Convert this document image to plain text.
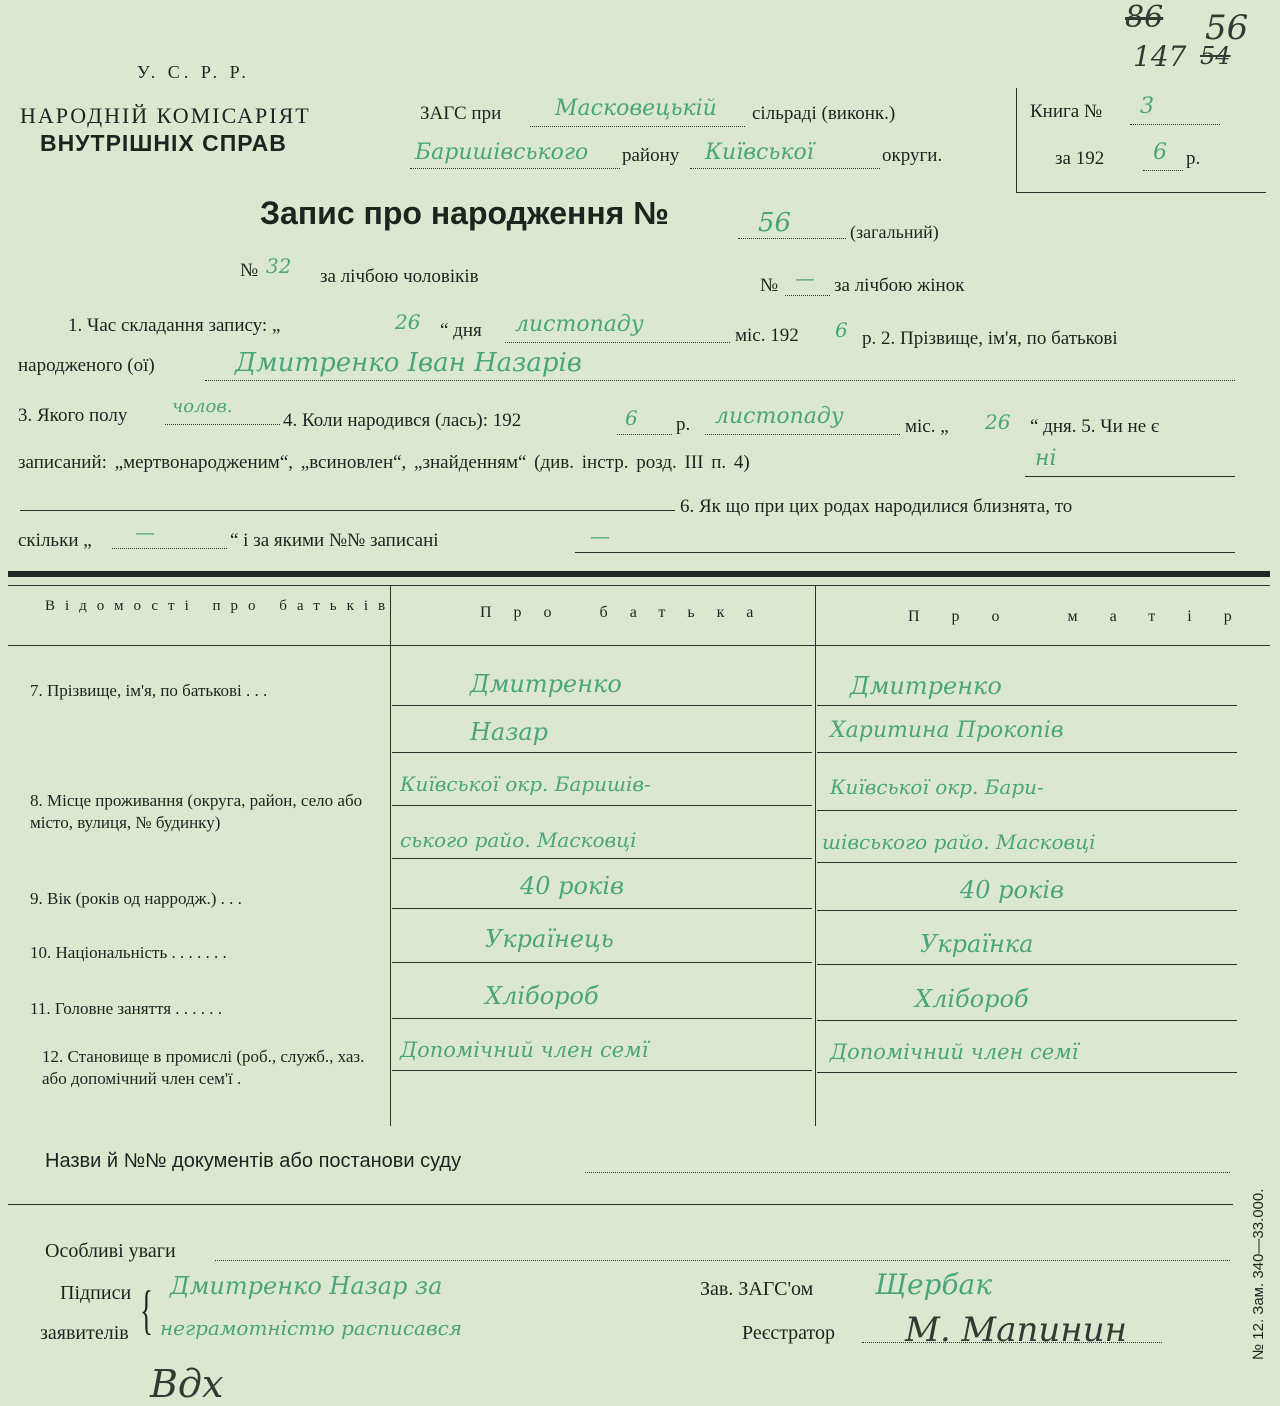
86
147
56
54
У. С. Р. Р.
НАРОДНІЙ КОМІСАРІЯТ
ВНУТРІШНІХ СПРАВ
ЗАГС при Масковецькій сільраді (виконк.)
Баришівського району Київської	округи.
Книга № 3
за 192 6 р.
Запис про народження №	56	(загальний)
№ 32 за лічбою чоловіків	№ — за лічбою жінок
1. Час складання запису: „	26 “ дня листопаду	міс. 192 6 р. 2. Прізвище, ім'я, по батькові
народженого (ої)	Дмитренко Іван Назарів
3. Якого полу чолов.
4. Коли народився (лась): 192	6 р. листопаду	міс. „ 26 “ дня. 5. Чи не є
записаний: „мертвонародженим“, „всиновлен“, „знайденням“ (див. інстр. розд. III п. 4)	ні
6. Як що при цих родах народилися близнята, то
скільки „ —	“ і за якими №№ записані	—
Відомості про батьків	Про батька	Про матір
7. Прізвище, ім'я, по батькові . . .	Дмитренко	Дмитренко
Назар	Харитина Прокопів
8. Місце проживання (округа, район, село або місто, вулиця, № будинку)
Київської окр. Баришів-	Київської окр. Бари-
ського райо. Масковці	шівського райо. Масковці
9. Вік (років од нарродж.) . . .	40 років	40 років
10. Національність . . . . . . .	Українець	Українка
11. Головне заняття . . . . . .	Хлібороб	Хлібороб
12. Становище в промислі (роб., служб., хаз. або допомічний член сем'ї .
Допомічний член семї	Допомічний член семї
Назви й №№ документів або постанови суду
Особливі уваги
Підписи
заявителів { Дмитренко Назар за
неграмотністю расписався
Зав. ЗАГС'ом Щербак
Реєстратор М. Мапинин
Вдх
№ 12. Зам. 340—33.000.
